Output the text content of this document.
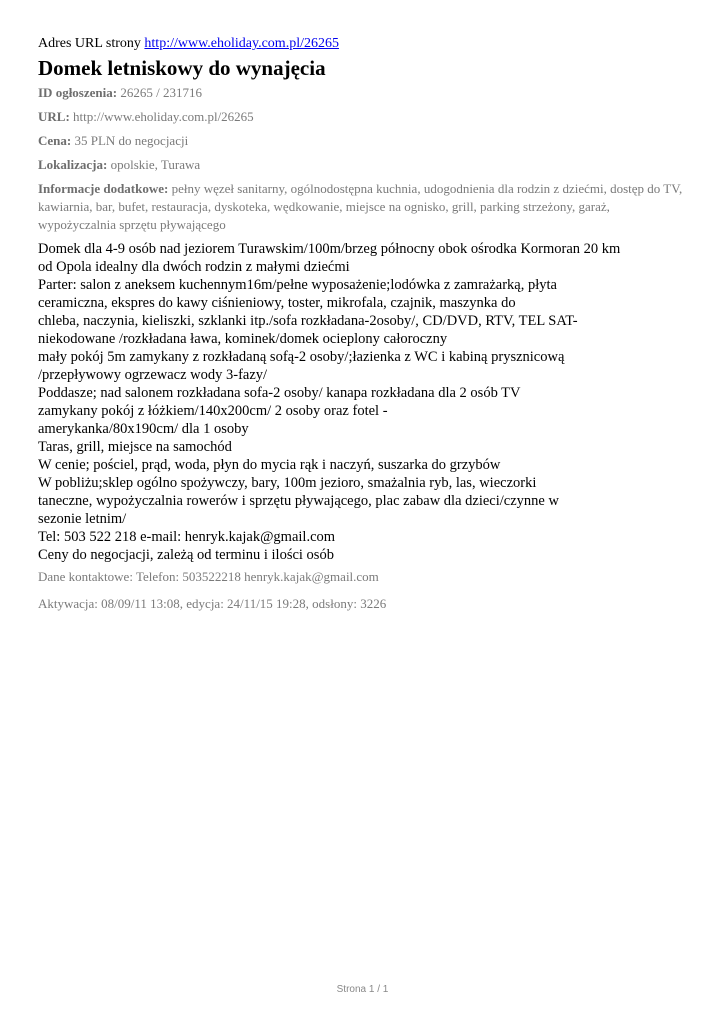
Adres URL strony http://www.eholiday.com.pl/26265
Domek letniskowy do wynajęcia
ID ogłoszenia: 26265 / 231716
URL: http://www.eholiday.com.pl/26265
Cena: 35 PLN do negocjacji
Lokalizacja: opolskie, Turawa
Informacje dodatkowe: pełny węzeł sanitarny, ogólnodostępna kuchnia, udogodnienia dla rodzin z dziećmi, dostęp do TV, kawiarnia, bar, bufet, restauracja, dyskoteka, wędkowanie, miejsce na ognisko, grill, parking strzeżony, garaż, wypożyczalnia sprzętu pływającego

Domek dla 4-9 osób nad jeziorem Turawskim/100m/brzeg północny obok ośrodka Kormoran 20 km

od Opola idealny dla dwóch rodzin z małymi dziećmi

Parter: salon z aneksem kuchennym16m/pełne wyposażenie;lodówka z zamrażarką, płyta

ceramiczna, ekspres do kawy ciśnieniowy, toster, mikrofala, czajnik, maszynka do

chleba, naczynia, kieliszki, szklanki itp./sofa rozkładana-2osoby/, CD/DVD, RTV, TEL SAT-

niekodowane /rozkładana ława, kominek/domek ocieplony całoroczny

mały pokój 5m zamykany z rozkładaną sofą-2 osoby/;łazienka z WC i kabiną prysznicową

/przepływowy ogrzewacz wody 3-fazy/

Poddasze; nad salonem rozkładana sofa-2 osoby/ kanapa rozkładana dla 2 osób TV

zamykany pokój z łóżkiem/140x200cm/ 2 osoby oraz fotel -

amerykanka/80x190cm/ dla 1 osoby

Taras, grill, miejsce na samochód

W cenie; pościel, prąd, woda, płyn do mycia rąk i naczyń, suszarka do grzybów

W pobliżu;sklep ogólno spożywczy, bary, 100m jezioro, smażalnia ryb, las, wieczorki

taneczne, wypożyczalnia rowerów i sprzętu pływającego, plac zabaw dla dzieci/czynne w

sezonie letnim/

Tel: 503 522 218 e-mail: henryk.kajak@gmail.com

Ceny do negocjacji, zależą od terminu i ilości osób

Dane kontaktowe: Telefon: 503522218 henryk.kajak@gmail.com
Aktywacja: 08/09/11 13:08, edycja: 24/11/15 19:28, odsłony: 3226
Strona 1 / 1
